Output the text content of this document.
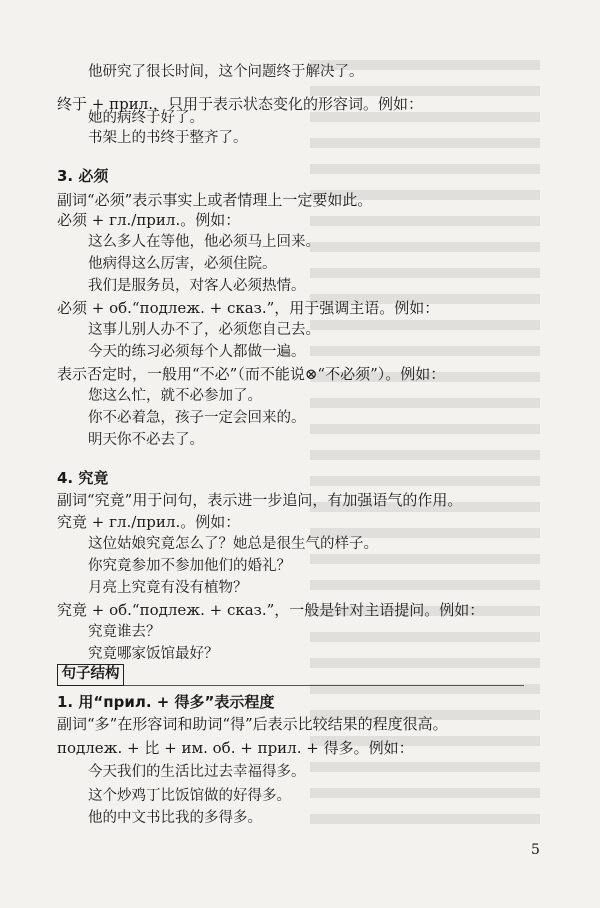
他研究了很长时间，这个问题终于解决了。
终于 + прил.，只用于表示状态变化的形容词。例如：
她的病终于好了。
书架上的书终于整齐了。
3. 必须
副词“必须”表示事实上或者情理上一定要如此。
必须 + гл./прил.。例如：
这么多人在等他，他必须马上回来。
他病得这么厉害，必须住院。
我们是服务员，对客人必须热情。
必须 + об.“подлеж. + сказ.”，用于强调主语。例如：
这事儿别人办不了，必须您自己去。
今天的练习必须每个人都做一遍。
表示否定时，一般用“不必”（而不能说⊗“不必须”）。例如：
您这么忙，就不必参加了。
你不必着急，孩子一定会回来的。
明天你不必去了。
4. 究竟
副词“究竟”用于问句，表示进一步追问，有加强语气的作用。
究竟 + гл./прил.。例如：
这位姑娘究竟怎么了？她总是很生气的样子。
你究竟参加不参加他们的婚礼？
月亮上究竟有没有植物？
究竟 + об.“подлеж. + сказ.”，一般是针对主语提问。例如：
究竟谁去？
究竟哪家饭馆最好？
1. 用“прил. + 得多”表示程度
副词“多”在形容词和助词“得”后表示比较结果的程度很高。
подлеж. + 比 + им. об. + прил. + 得多。例如：
今天我们的生活比过去幸福得多。
这个炒鸡丁比饭馆做的好得多。
他的中文书比我的多得多。
句子结构
5
